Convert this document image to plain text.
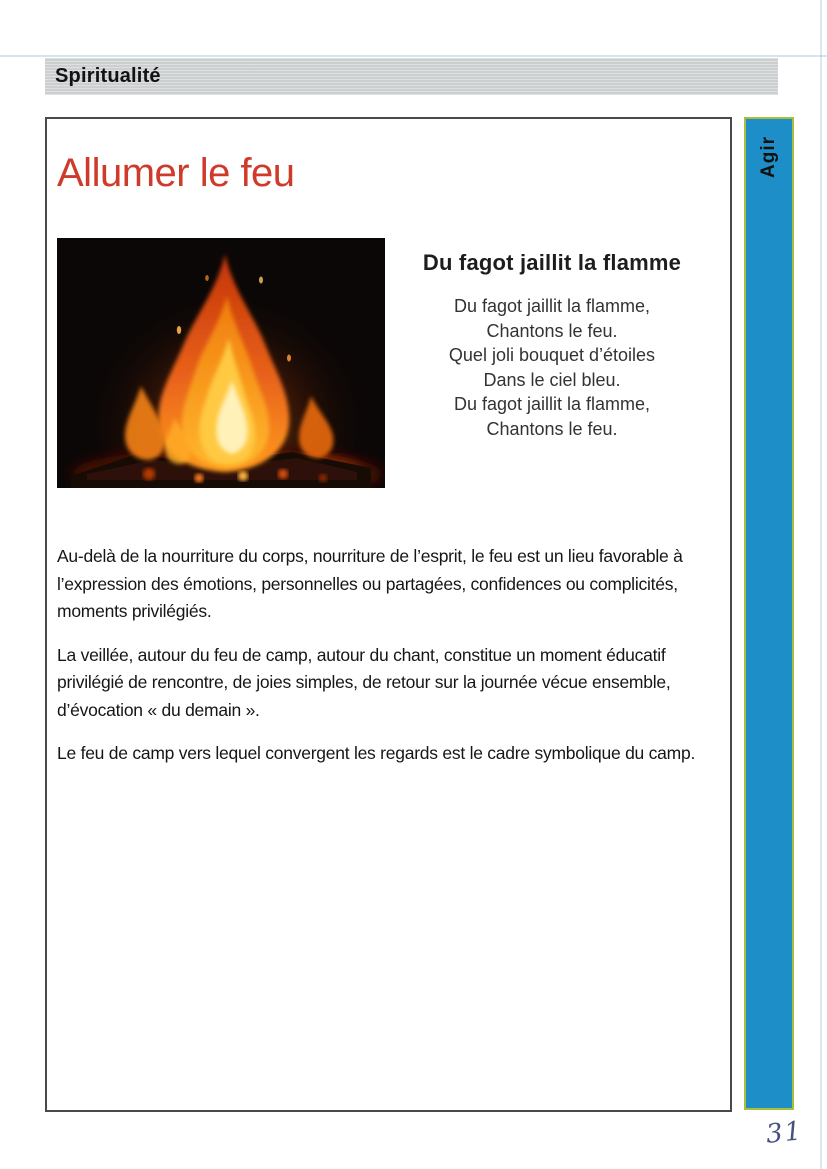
Spiritualité
Agir
Allumer le feu
Du fagot jaillit la flamme
Du fagot jaillit la flamme,
Chantons le feu.
Quel joli bouquet d’étoiles
Dans le ciel bleu.
Du fagot jaillit la flamme,
Chantons le feu.

Au-delà de la nourriture du corps, nourriture de l’esprit, le feu est un lieu favorable à l’expression des émotions, personnelles ou partagées, confidences ou complicités, moments privilégiés.

La veillée, autour du feu de camp, autour du chant, constitue un moment éducatif privilégié de rencontre, de joies simples, de retour sur la journée vécue ensemble, d’évocation « du demain ».

Le feu de camp vers lequel convergent les regards est le cadre symbolique du camp.

31
